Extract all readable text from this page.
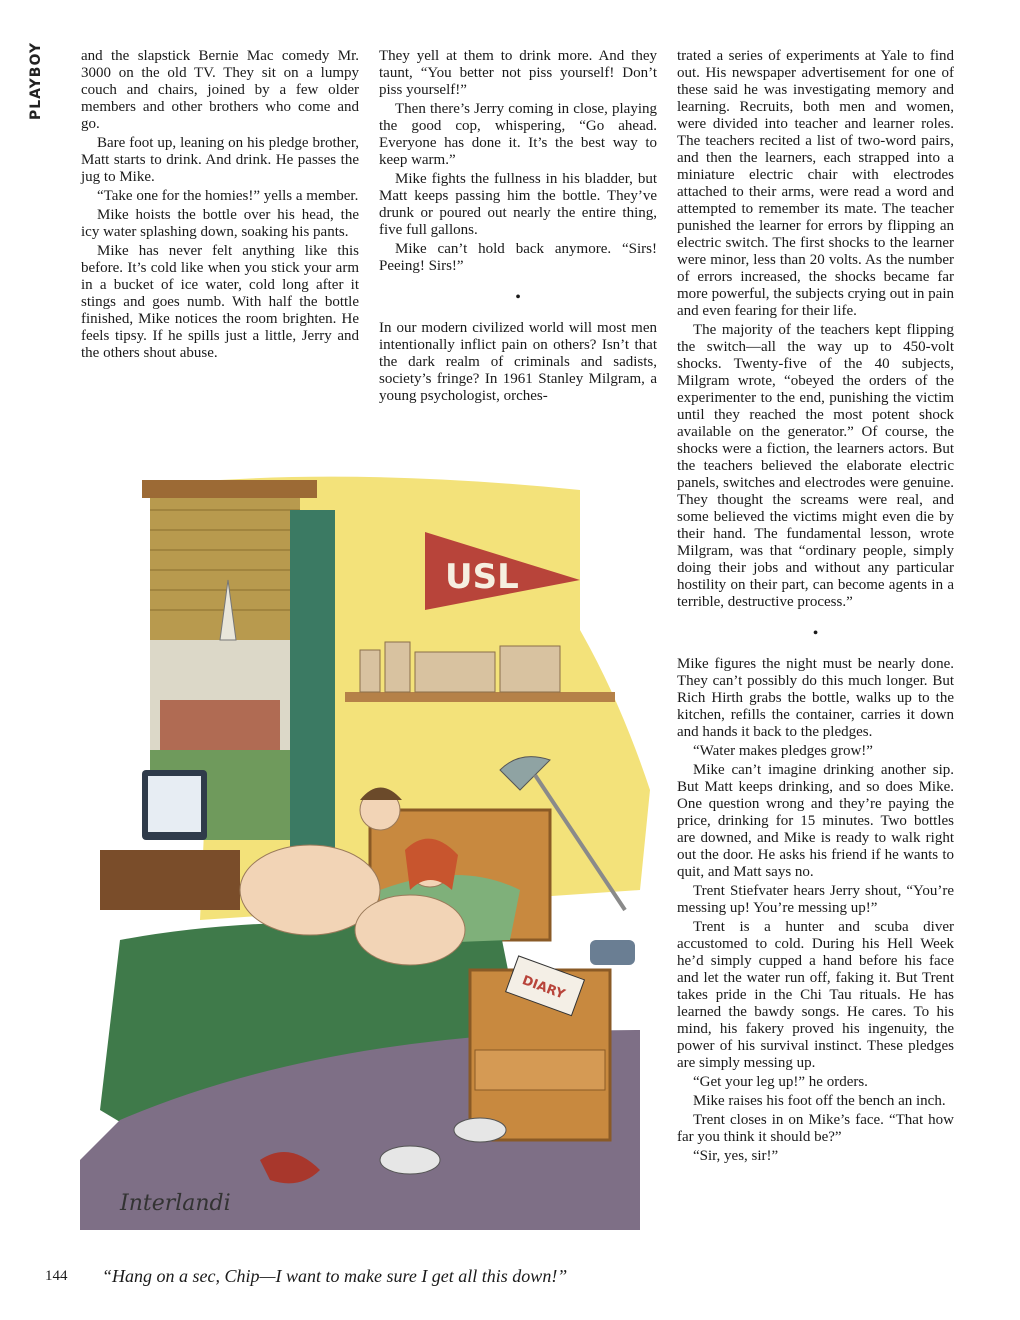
PLAYBOY	and the slapstick Bernie Mac comedy Mr. 3000 on the old TV. They sit on a lumpy couch and chairs, joined by a few older members and other brothers who come and go.

Bare foot up, leaning on his pledge brother, Matt starts to drink. And drink. He passes the jug to Mike.

“Take one for the homies!” yells a member.

Mike hoists the bottle over his head, the icy water splashing down, soaking his pants.

Mike has never felt anything like this before. It’s cold like when you stick your arm in a bucket of ice water, cold long after it stings and goes numb. With half the bottle finished, Mike notices the room brighten. He feels tipsy. If he spills just a little, Jerry and the others shout abuse.

They yell at them to drink more. And they taunt, “You better not piss yourself! Don’t piss yourself!”

Then there’s Jerry coming in close, playing the good cop, whispering, “Go ahead. Everyone has done it. It’s the best way to keep warm.”

Mike fights the fullness in his bladder, but Matt keeps passing him the bottle. They’ve drunk or poured out nearly the entire thing, five full gallons.

Mike can’t hold back anymore. “Sirs! Peeing! Sirs!”

•

In our modern civilized world will most men intentionally inflict pain on others? Isn’t that the dark realm of criminals and sadists, society’s fringe? In 1961 Stanley Milgram, a young psychologist, orches-

trated a series of experiments at Yale to find out. His newspaper advertisement for one of these said he was investigating memory and learning. Recruits, both men and women, were divided into teacher and learner roles. The teachers recited a list of two-word pairs, and then the learners, each strapped into a miniature electric chair with electrodes attached to their arms, were read a word and attempted to remember its mate. The teacher punished the learner for errors by flipping an electric switch. The first shocks to the learner were minor, less than 20 volts. As the number of errors increased, the shocks became far more powerful, the subjects crying out in pain and even fearing for their life.

The majority of the teachers kept flipping the switch—all the way up to 450-volt shocks. Twenty-five of the 40 subjects, Milgram wrote, “obeyed the orders of the experimenter to the end, punishing the victim until they reached the most potent shock available on the generator.” Of course, the shocks were a fiction, the learners actors. But the teachers believed the elaborate electric panels, switches and electrodes were genuine. They thought the screams were real, and some believed the victims might even die by their hand. The fundamental lesson, wrote Milgram, was that “ordinary people, simply doing their jobs and without any particular hostility on their part, can become agents in a terrible, destructive process.”

•

Mike figures the night must be nearly done. They can’t possibly do this much longer. But Rich Hirth grabs the bottle, walks up to the kitchen, refills the container, carries it down and hands it back to the pledges.

“Water makes pledges grow!”

Mike can’t imagine drinking another sip. But Matt keeps drinking, and so does Mike. One question wrong and they’re paying the price, drinking for 15 minutes. Two bottles are downed, and Mike is ready to walk right out the door. He asks his friend if he wants to quit, and Matt says no.

Trent Stiefvater hears Jerry shout, “You’re messing up! You’re messing up!”

Trent is a hunter and scuba diver accustomed to cold. During his Hell Week he’d simply cupped a hand before his face and let the water run off, faking it. But Trent takes pride in the Chi Tau rituals. He has learned the bawdy songs. He cares. To his mind, his fakery proved his ingenuity, the power of his survival instinct. These pledges are simply messing up.

“Get your leg up!” he orders.

Mike raises his foot off the bench an inch.

Trent closes in on Mike’s face. “That how far you think it should be?”

“Sir, yes, sir!”

USL
DIARY
Interlandi
144 “Hang on a sec, Chip—I want to make sure I get all this down!”
